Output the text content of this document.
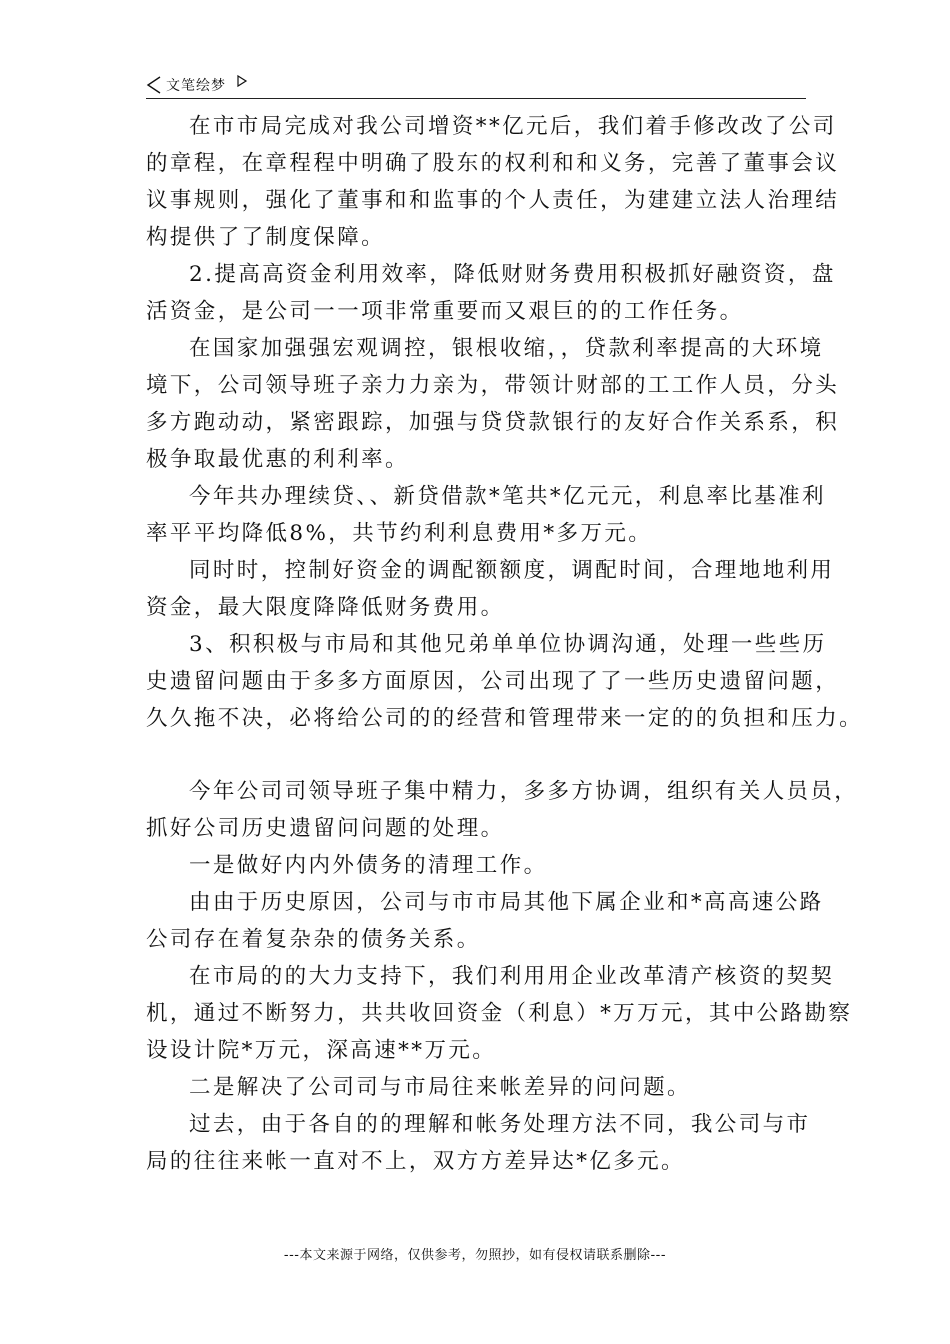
文笔绘梦

在市市局完成对我公司增资**亿元后，我们着手修改改了公司
的章程，在章程程中明确了股东的权利和和义务，完善了董事会议
议事规则，强化了董事和和监事的个人责任，为建建立法人治理结
构提供了了制度保障。

2.提高高资金利用效率，降低财财务费用积极抓好融资资，盘
活资金，是公司一一项非常重要而又艰巨的的工作任务。

在国家加强强宏观调控，银根收缩，，贷款利率提高的大环境
境下，公司领导班子亲力力亲为，带领计财部的工工作人员，分头
多方跑动动，紧密跟踪，加强与贷贷款银行的友好合作关系系，积
极争取最优惠的利利率。

今年共办理续贷、、新贷借款*笔共*亿元元，利息率比基准利
率平平均降低8%，共节约利利息费用*多万元。

同时时，控制好资金的调配额额度，调配时间，合理地地利用
资金，最大限度降降低财务费用。

3、积积极与市局和其他兄弟单单位协调沟通，处理一些些历
史遗留问题由于多多方面原因，公司出现了了一些历史遗留问题，
久久拖不决，必将给公司的的经营和管理带来一定的的负担和压力。

今年公司司领导班子集中精力，多多方协调，组织有关人员员，
抓好公司历史遗留问问题的处理。

一是做好内内外债务的清理工作。

由由于历史原因，公司与市市局其他下属企业和*高高速公路
公司存在着复杂杂的债务关系。

在市局的的大力支持下，我们利用用企业改革清产核资的契契
机，通过不断努力，共共收回资金（利息）*万万元，其中公路勘察
设设计院*万元，深高速**万元。

二是解决了公司司与市局往来帐差异的问问题。

过去，由于各自的的理解和帐务处理方法不同，我公司与市
局的往往来帐一直对不上，双方方差异达*亿多元。

---本文来源于网络，仅供参考，勿照抄，如有侵权请联系删除---
